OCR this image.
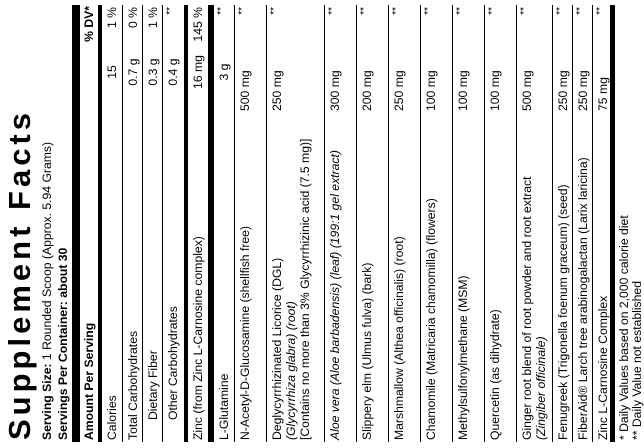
Supplement Facts Serving Size: 1 Rounded Scoop (Approx. 5.94 Grams) Servings Per Container: about 30 Amount Per Serving
% DV*
Calories
15
1 %
Total Carbohydrates
0.7 g
0 %
Dietary Fiber
0.3 g
1 %
Other Carbohydrates
0.4 g
**
Zinc (from Zinc L-Carnosine complex)
16 mg
145 %
L-Glutamine
3 g
**
N-Acetyl-D-Glucosamine (shellfish free)
500 mg
**
Deglycyrrhizinated Licorice (DGL)
(Glycyrrhiza glabra) (root)
[Contains no more than 3% Glycyrrhizinic acid (7.5 mg)]
250 mg
**
Aloe vera (Aloe barbadensis) (leaf) (199:1 gel extract)
300 mg
**
Slippery elm (Ulmus fulva) (bark)
200 mg
**
Marshmallow (Althea officinalis) (root)
250 mg
**
Chamomile (Matricaria chamomilla) (flowers)
100 mg
**
Methylsulfonylmethane (MSM)
100 mg
**
Quercetin (as dihydrate)
100 mg
**
Ginger root blend of root powder and root extract
(Zingiber officinale)
500 mg
**
Fenugreek (Trigonella foenum graceum) (seed)
250 mg
**
FiberAid® Larch tree arabinogalactan (Larix laricina)
250 mg
**
Zinc L-Carnosine Complex
75 mg
**
* Daily Values based on 2,000 calorie diet ** Daily Value not established
